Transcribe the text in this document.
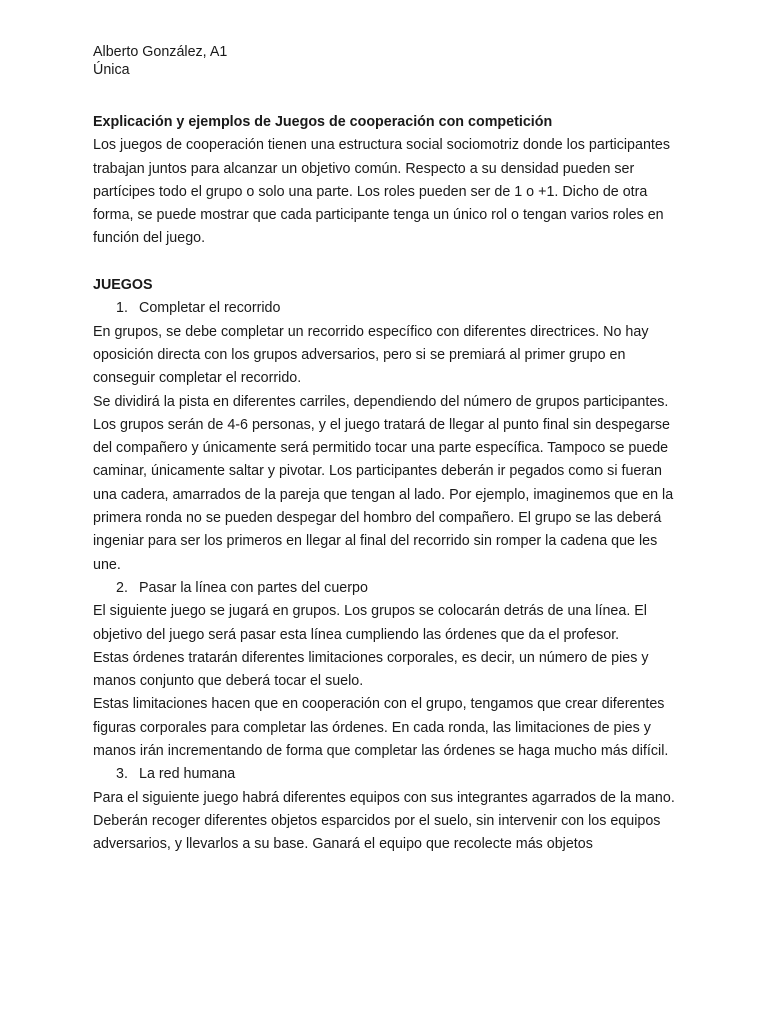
Alberto González, A1

Única

Explicación y ejemplos de Juegos de cooperación con competición

Los juegos de cooperación tienen una estructura social sociomotriz donde los participantes trabajan juntos para alcanzar un objetivo común. Respecto a su densidad pueden ser partícipes todo el grupo o solo una parte. Los roles pueden ser de 1 o +1. Dicho de otra forma, se puede mostrar que cada participante tenga un único rol o tengan varios roles en función del juego.

JUEGOS

1. Completar el recorrido

En grupos, se debe completar un recorrido específico con diferentes directrices. No hay oposición directa con los grupos adversarios, pero si se premiará al primer grupo en conseguir completar el recorrido.

Se dividirá la pista en diferentes carriles, dependiendo del número de grupos participantes. Los grupos serán de 4-6 personas, y el juego tratará de llegar al punto final sin despegarse del compañero y únicamente será permitido tocar una parte específica. Tampoco se puede caminar, únicamente saltar y pivotar. Los participantes deberán ir pegados como si fueran una cadera, amarrados de la pareja que tengan al lado. Por ejemplo, imaginemos que en la primera ronda no se pueden despegar del hombro del compañero. El grupo se las deberá ingeniar para ser los primeros en llegar al final del recorrido sin romper la cadena que les une.

2. Pasar la línea con partes del cuerpo

El siguiente juego se jugará en grupos. Los grupos se colocarán detrás de una línea. El objetivo del juego será pasar esta línea cumpliendo las órdenes que da el profesor.

Estas órdenes tratarán diferentes limitaciones corporales, es decir, un número de pies y manos conjunto que deberá tocar el suelo.

Estas limitaciones hacen que en cooperación con el grupo, tengamos que crear diferentes figuras corporales para completar las órdenes. En cada ronda, las limitaciones de pies y manos irán incrementando de forma que completar las órdenes se haga mucho más difícil.

3. La red humana

Para el siguiente juego habrá diferentes equipos con sus integrantes agarrados de la mano. Deberán recoger diferentes objetos esparcidos por el suelo, sin intervenir con los equipos adversarios, y llevarlos a su base. Ganará el equipo que recolecte más objetos
